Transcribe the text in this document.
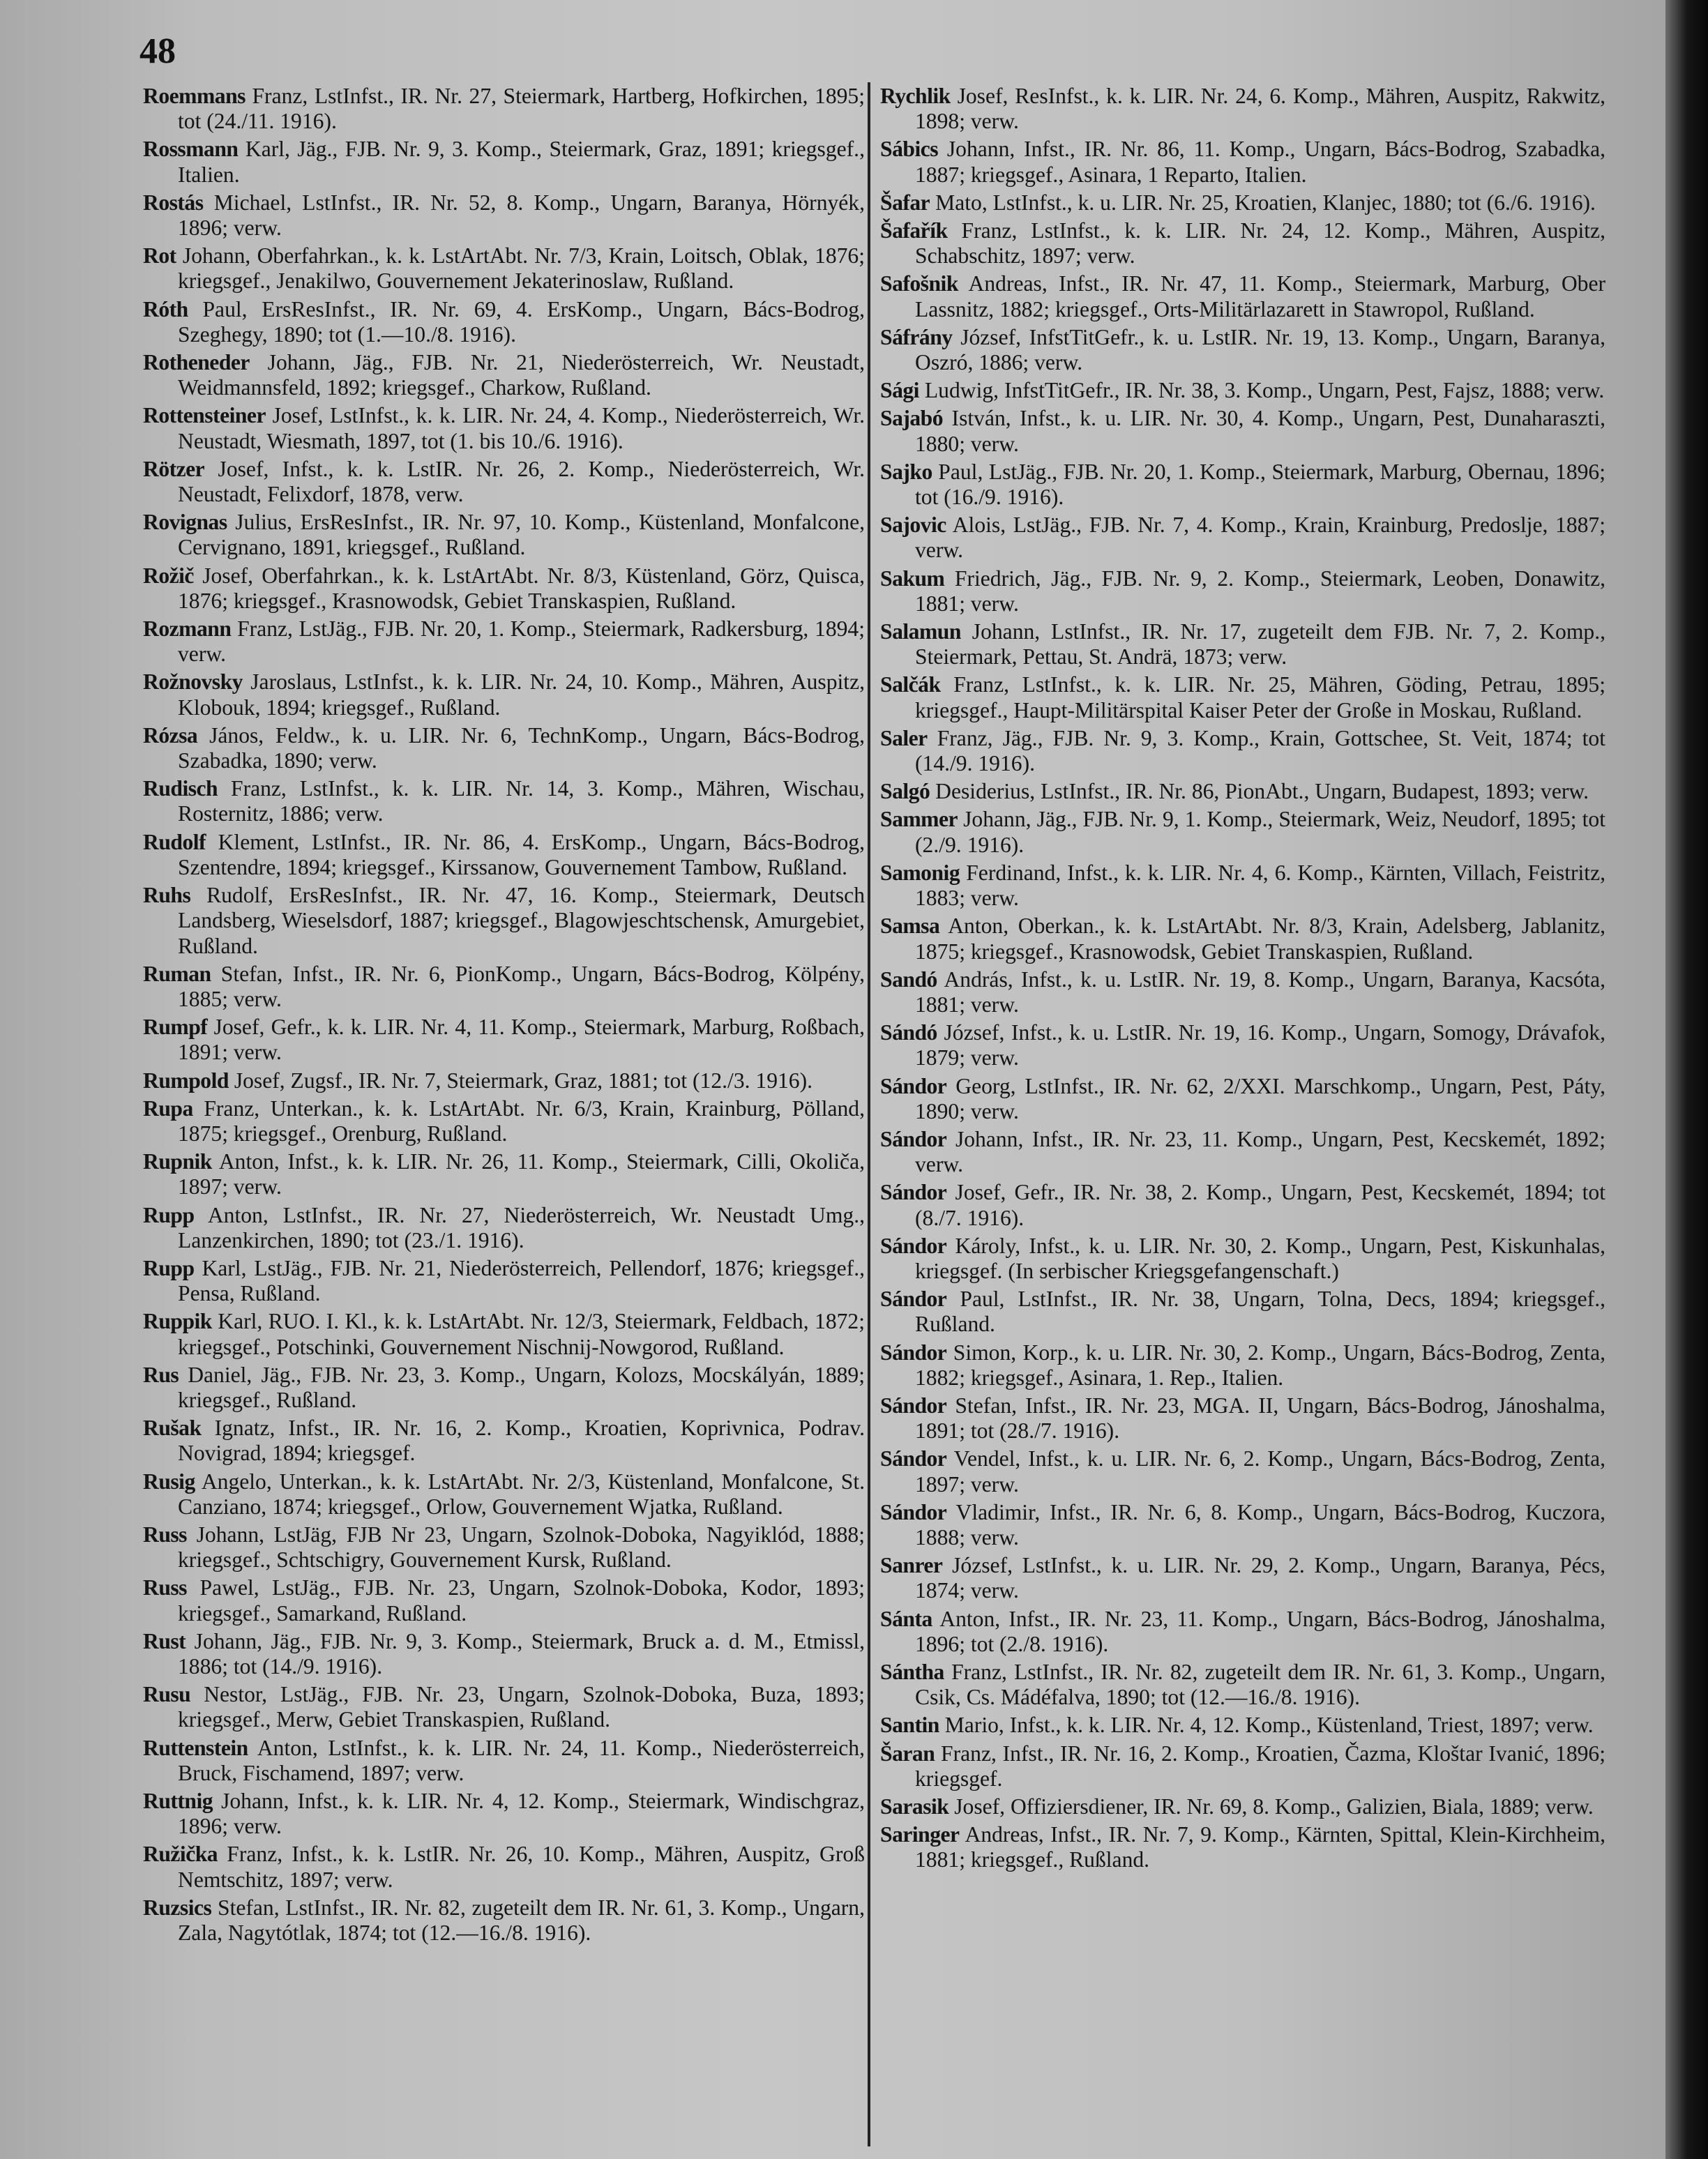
48

Roemmans Franz, LstInfst., IR. Nr. 27, Steiermark, Hartberg, Hofkirchen, 1895; tot (24./11. 1916).

Rossmann Karl, Jäg., FJB. Nr. 9, 3. Komp., Steiermark, Graz, 1891; kriegsgef., Italien.

Rostás Michael, LstInfst., IR. Nr. 52, 8. Komp., Ungarn, Baranya, Hörnyék, 1896; verw.

Rot Johann, Oberfahrkan., k. k. LstArtAbt. Nr. 7/3, Krain, Loitsch, Oblak, 1876; kriegsgef., Jenakilwo, Gouvernement Jekaterinoslaw, Rußland.

Róth Paul, ErsResInfst., IR. Nr. 69, 4. ErsKomp., Ungarn, Bács-Bodrog, Szeghegy, 1890; tot (1.—10./8. 1916).

Rotheneder Johann, Jäg., FJB. Nr. 21, Niederösterreich, Wr. Neustadt, Weidmannsfeld, 1892; kriegsgef., Charkow, Rußland.

Rottensteiner Josef, LstInfst., k. k. LIR. Nr. 24, 4. Komp., Niederösterreich, Wr. Neustadt, Wiesmath, 1897, tot (1. bis 10./6. 1916).

Rötzer Josef, Infst., k. k. LstIR. Nr. 26, 2. Komp., Niederösterreich, Wr. Neustadt, Felixdorf, 1878, verw.

Rovignas Julius, ErsResInfst., IR. Nr. 97, 10. Komp., Küstenland, Monfalcone, Cervignano, 1891, kriegsgef., Rußland.

Rožič Josef, Oberfahrkan., k. k. LstArtAbt. Nr. 8/3, Küstenland, Görz, Quisca, 1876; kriegsgef., Krasnowodsk, Gebiet Transkaspien, Rußland.

Rozmann Franz, LstJäg., FJB. Nr. 20, 1. Komp., Steiermark, Radkersburg, 1894; verw.

Rožnovsky Jaroslaus, LstInfst., k. k. LIR. Nr. 24, 10. Komp., Mähren, Auspitz, Klobouk, 1894; kriegsgef., Rußland.

Rózsa János, Feldw., k. u. LIR. Nr. 6, TechnKomp., Ungarn, Bács-Bodrog, Szabadka, 1890; verw.

Rudisch Franz, LstInfst., k. k. LIR. Nr. 14, 3. Komp., Mähren, Wischau, Rosternitz, 1886; verw.

Rudolf Klement, LstInfst., IR. Nr. 86, 4. ErsKomp., Ungarn, Bács-Bodrog, Szentendre, 1894; kriegsgef., Kirssanow, Gouvernement Tambow, Rußland.

Ruhs Rudolf, ErsResInfst., IR. Nr. 47, 16. Komp., Steiermark, Deutsch Landsberg, Wieselsdorf, 1887; kriegsgef., Blagowjeschtschensk, Amurgebiet, Rußland.

Ruman Stefan, Infst., IR. Nr. 6, PionKomp., Ungarn, Bács-Bodrog, Kölpény, 1885; verw.

Rumpf Josef, Gefr., k. k. LIR. Nr. 4, 11. Komp., Steiermark, Marburg, Roßbach, 1891; verw.

Rumpold Josef, Zugsf., IR. Nr. 7, Steiermark, Graz, 1881; tot (12./3. 1916).

Rupa Franz, Unterkan., k. k. LstArtAbt. Nr. 6/3, Krain, Krainburg, Pölland, 1875; kriegsgef., Orenburg, Rußland.

Rupnik Anton, Infst., k. k. LIR. Nr. 26, 11. Komp., Steiermark, Cilli, Okoliča, 1897; verw.

Rupp Anton, LstInfst., IR. Nr. 27, Niederösterreich, Wr. Neustadt Umg., Lanzenkirchen, 1890; tot (23./1. 1916).

Rupp Karl, LstJäg., FJB. Nr. 21, Niederösterreich, Pellendorf, 1876; kriegsgef., Pensa, Rußland.

Ruppik Karl, RUO. I. Kl., k. k. LstArtAbt. Nr. 12/3, Steiermark, Feldbach, 1872; kriegsgef., Potschinki, Gouvernement Nischnij-Nowgorod, Rußland.

Rus Daniel, Jäg., FJB. Nr. 23, 3. Komp., Ungarn, Kolozs, Mocskályán, 1889; kriegsgef., Rußland.

Rušak Ignatz, Infst., IR. Nr. 16, 2. Komp., Kroatien, Koprivnica, Podrav. Novigrad, 1894; kriegsgef.

Rusig Angelo, Unterkan., k. k. LstArtAbt. Nr. 2/3, Küstenland, Monfalcone, St. Canziano, 1874; kriegsgef., Orlow, Gouvernement Wjatka, Rußland.

Russ Johann, LstJäg, FJB Nr 23, Ungarn, Szolnok-Doboka, Nagyiklód, 1888; kriegsgef., Schtschigry, Gouvernement Kursk, Rußland.

Russ Pawel, LstJäg., FJB. Nr. 23, Ungarn, Szolnok-Doboka, Kodor, 1893; kriegsgef., Samarkand, Rußland.

Rust Johann, Jäg., FJB. Nr. 9, 3. Komp., Steiermark, Bruck a. d. M., Etmissl, 1886; tot (14./9. 1916).

Rusu Nestor, LstJäg., FJB. Nr. 23, Ungarn, Szolnok-Doboka, Buza, 1893; kriegsgef., Merw, Gebiet Transkaspien, Rußland.

Ruttenstein Anton, LstInfst., k. k. LIR. Nr. 24, 11. Komp., Niederösterreich, Bruck, Fischamend, 1897; verw.

Ruttnig Johann, Infst., k. k. LIR. Nr. 4, 12. Komp., Steiermark, Windischgraz, 1896; verw.

Ružička Franz, Infst., k. k. LstIR. Nr. 26, 10. Komp., Mähren, Auspitz, Groß Nemtschitz, 1897; verw.

Ruzsics Stefan, LstInfst., IR. Nr. 82, zugeteilt dem IR. Nr. 61, 3. Komp., Ungarn, Zala, Nagytótlak, 1874; tot (12.—16./8. 1916).

Rychlik Josef, ResInfst., k. k. LIR. Nr. 24, 6. Komp., Mähren, Auspitz, Rakwitz, 1898; verw.

Sábics Johann, Infst., IR. Nr. 86, 11. Komp., Ungarn, Bács-Bodrog, Szabadka, 1887; kriegsgef., Asinara, 1 Reparto, Italien.

Šafar Mato, LstInfst., k. u. LIR. Nr. 25, Kroatien, Klanjec, 1880; tot (6./6. 1916).

Šafařík Franz, LstInfst., k. k. LIR. Nr. 24, 12. Komp., Mähren, Auspitz, Schabschitz, 1897; verw.

Safošnik Andreas, Infst., IR. Nr. 47, 11. Komp., Steiermark, Marburg, Ober Lassnitz, 1882; kriegsgef., Orts-Militärlazarett in Stawropol, Rußland.

Sáfrány József, InfstTitGefr., k. u. LstIR. Nr. 19, 13. Komp., Ungarn, Baranya, Oszró, 1886; verw.

Sági Ludwig, InfstTitGefr., IR. Nr. 38, 3. Komp., Ungarn, Pest, Fajsz, 1888; verw.

Sajabó István, Infst., k. u. LIR. Nr. 30, 4. Komp., Ungarn, Pest, Dunaharaszti, 1880; verw.

Sajko Paul, LstJäg., FJB. Nr. 20, 1. Komp., Steiermark, Marburg, Obernau, 1896; tot (16./9. 1916).

Sajovic Alois, LstJäg., FJB. Nr. 7, 4. Komp., Krain, Krainburg, Predoslje, 1887; verw.

Sakum Friedrich, Jäg., FJB. Nr. 9, 2. Komp., Steiermark, Leoben, Donawitz, 1881; verw.

Salamun Johann, LstInfst., IR. Nr. 17, zugeteilt dem FJB. Nr. 7, 2. Komp., Steiermark, Pettau, St. Andrä, 1873; verw.

Salčák Franz, LstInfst., k. k. LIR. Nr. 25, Mähren, Göding, Petrau, 1895; kriegsgef., Haupt-Militärspital Kaiser Peter der Große in Moskau, Rußland.

Saler Franz, Jäg., FJB. Nr. 9, 3. Komp., Krain, Gottschee, St. Veit, 1874; tot (14./9. 1916).

Salgó Desiderius, LstInfst., IR. Nr. 86, PionAbt., Ungarn, Budapest, 1893; verw.

Sammer Johann, Jäg., FJB. Nr. 9, 1. Komp., Steiermark, Weiz, Neudorf, 1895; tot (2./9. 1916).

Samonig Ferdinand, Infst., k. k. LIR. Nr. 4, 6. Komp., Kärnten, Villach, Feistritz, 1883; verw.

Samsa Anton, Oberkan., k. k. LstArtAbt. Nr. 8/3, Krain, Adelsberg, Jablanitz, 1875; kriegsgef., Krasnowodsk, Gebiet Transkaspien, Rußland.

Sandó András, Infst., k. u. LstIR. Nr. 19, 8. Komp., Ungarn, Baranya, Kacsóta, 1881; verw.

Sándó József, Infst., k. u. LstIR. Nr. 19, 16. Komp., Ungarn, Somogy, Drávafok, 1879; verw.

Sándor Georg, LstInfst., IR. Nr. 62, 2/XXI. Marschkomp., Ungarn, Pest, Páty, 1890; verw.

Sándor Johann, Infst., IR. Nr. 23, 11. Komp., Ungarn, Pest, Kecskemét, 1892; verw.

Sándor Josef, Gefr., IR. Nr. 38, 2. Komp., Ungarn, Pest, Kecskemét, 1894; tot (8./7. 1916).

Sándor Károly, Infst., k. u. LIR. Nr. 30, 2. Komp., Ungarn, Pest, Kiskunhalas, kriegsgef. (In serbischer Kriegsgefangenschaft.)

Sándor Paul, LstInfst., IR. Nr. 38, Ungarn, Tolna, Decs, 1894; kriegsgef., Rußland.

Sándor Simon, Korp., k. u. LIR. Nr. 30, 2. Komp., Ungarn, Bács-Bodrog, Zenta, 1882; kriegsgef., Asinara, 1. Rep., Italien.

Sándor Stefan, Infst., IR. Nr. 23, MGA. II, Ungarn, Bács-Bodrog, Jánoshalma, 1891; tot (28./7. 1916).

Sándor Vendel, Infst., k. u. LIR. Nr. 6, 2. Komp., Ungarn, Bács-Bodrog, Zenta, 1897; verw.

Sándor Vladimir, Infst., IR. Nr. 6, 8. Komp., Ungarn, Bács-Bodrog, Kuczora, 1888; verw.

Sanrer József, LstInfst., k. u. LIR. Nr. 29, 2. Komp., Ungarn, Baranya, Pécs, 1874; verw.

Sánta Anton, Infst., IR. Nr. 23, 11. Komp., Ungarn, Bács-Bodrog, Jánoshalma, 1896; tot (2./8. 1916).

Sántha Franz, LstInfst., IR. Nr. 82, zugeteilt dem IR. Nr. 61, 3. Komp., Ungarn, Csik, Cs. Mádéfalva, 1890; tot (12.—16./8. 1916).

Santin Mario, Infst., k. k. LIR. Nr. 4, 12. Komp., Küstenland, Triest, 1897; verw.

Šaran Franz, Infst., IR. Nr. 16, 2. Komp., Kroatien, Čazma, Kloštar Ivanić, 1896; kriegsgef.

Sarasik Josef, Offiziersdiener, IR. Nr. 69, 8. Komp., Galizien, Biala, 1889; verw.

Saringer Andreas, Infst., IR. Nr. 7, 9. Komp., Kärnten, Spittal, Klein-Kirchheim, 1881; kriegsgef., Rußland.
